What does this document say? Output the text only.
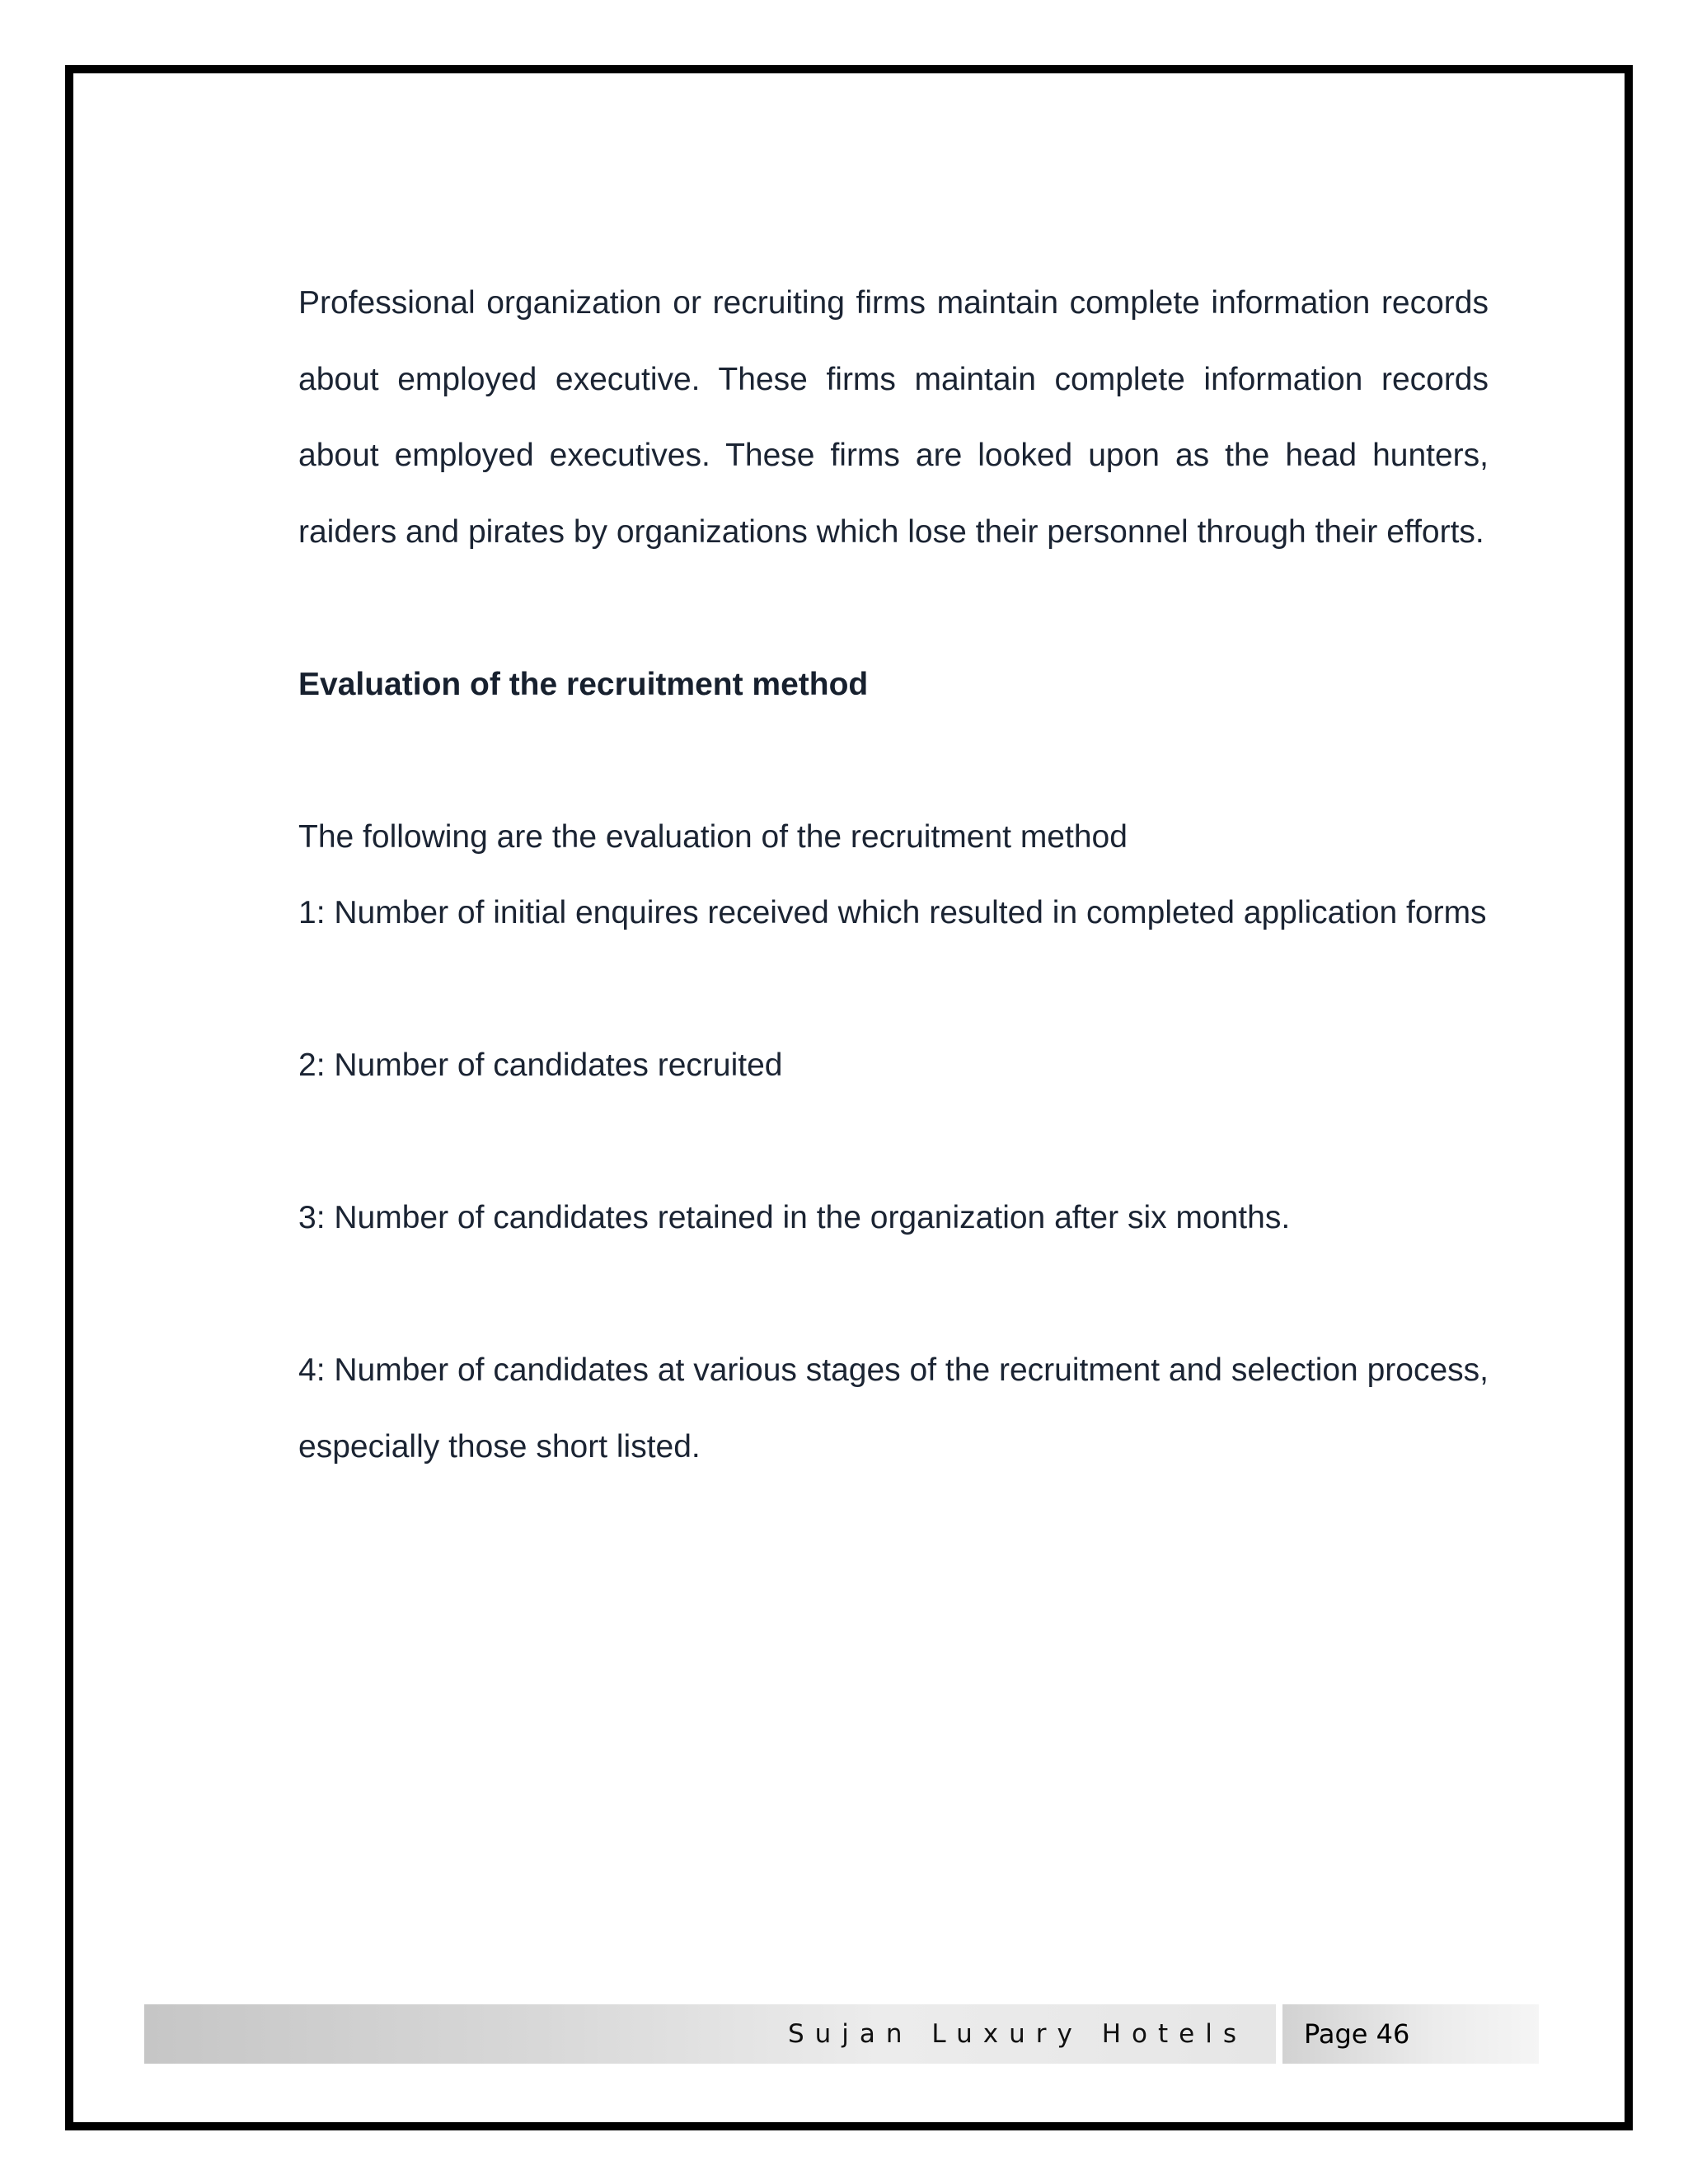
Professional organization or recruiting firms maintain complete information records about employed executive. These firms maintain complete information records about employed executives. These firms are looked upon as the head hunters, raiders and pirates by organizations which lose their personnel through their efforts.

Evaluation of the recruitment method

The following are the evaluation of the recruitment method

1: Number of initial enquires received which resulted in completed application forms

2: Number of candidates recruited

3: Number of candidates retained in the organization after six months.

4: Number of candidates at various stages of the recruitment and selection process, especially those short listed.

Sujan Luxury Hotels Page 46
